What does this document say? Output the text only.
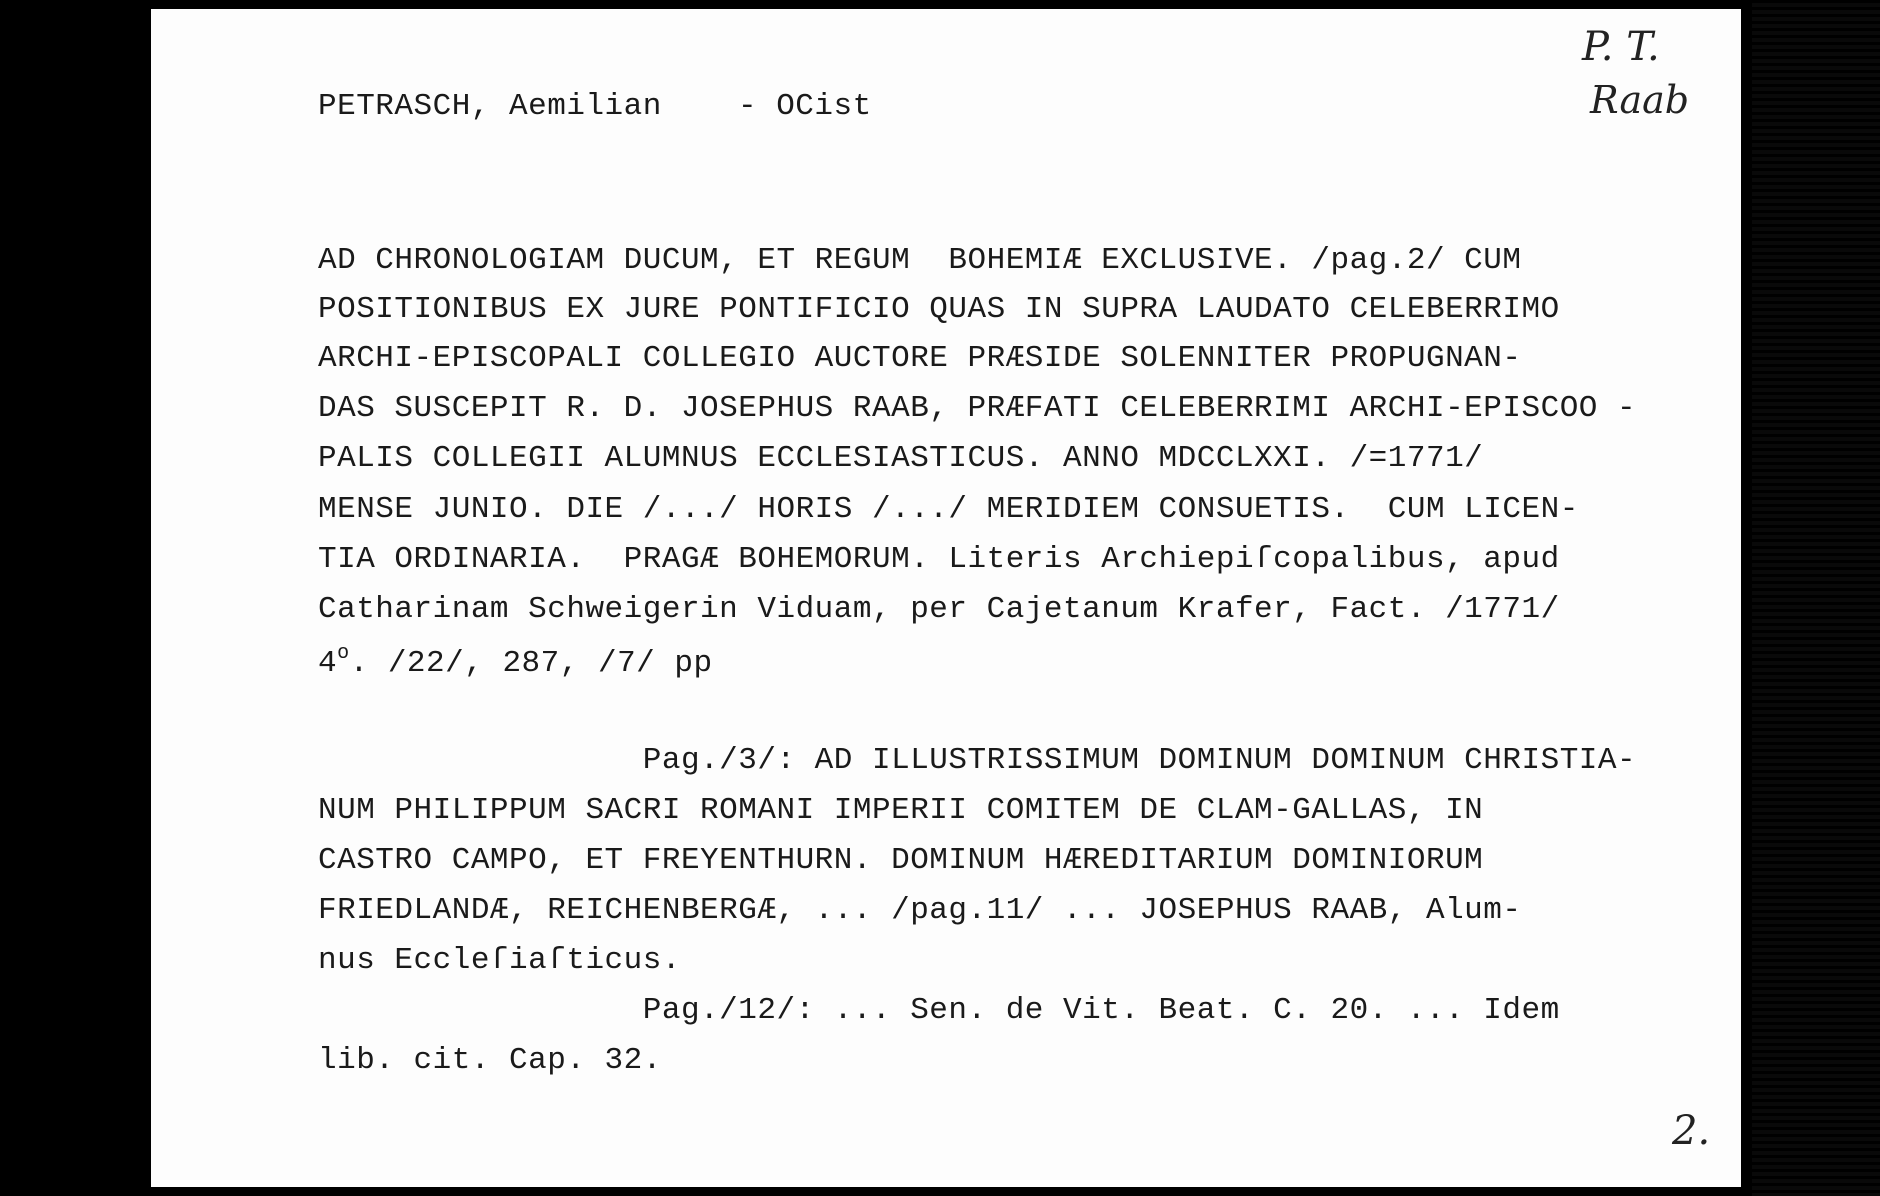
PETRASCH, Aemilian - OCist
P. T.
Raab
2.
AD CHRONOLOGIAM DUCUM, ET REGUM  BOHEMIÆ EXCLUSIVE. /pag.2/ CUM
POSITIONIBUS EX JURE PONTIFICIO QUAS IN SUPRA LAUDATO CELEBERRIMO
ARCHI-EPISCOPALI COLLEGIO AUCTORE PRÆSIDE SOLENNITER PROPUGNAN-
DAS SUSCEPIT R. D. JOSEPHUS RAAB, PRÆFATI CELEBERRIMI ARCHI-EPISCOO -
PALIS COLLEGII ALUMNUS ECCLESIASTICUS. ANNO MDCCLXXI. /=1771/
MENSE JUNIO. DIE /.../ HORIS /.../ MERIDIEM CONSUETIS.  CUM LICEN-
TIA ORDINARIA.  PRAGÆ BOHEMORUM. Literis Archiepiſcopalibus, apud
Catharinam Schweigerin Viduam, per Cajetanum Krafer, Fact. /1771/
4$^o$. /22/, 287, /7/ pp
Pag./3/: AD ILLUSTRISSIMUM DOMINUM DOMINUM CHRISTIA-
NUM PHILIPPUM SACRI ROMANI IMPERII COMITEM DE CLAM-GALLAS, IN
CASTRO CAMPO, ET FREYENTHURN. DOMINUM HÆREDITARIUM DOMINIORUM
FRIEDLANDÆ, REICHENBERGÆ, ... /pag.11/ ... JOSEPHUS RAAB, Alum-
nus Eccleſiaſticus.
Pag./12/: ... Sen. de Vit. Beat. C. 20. ... Idem
lib. cit. Cap. 32.
